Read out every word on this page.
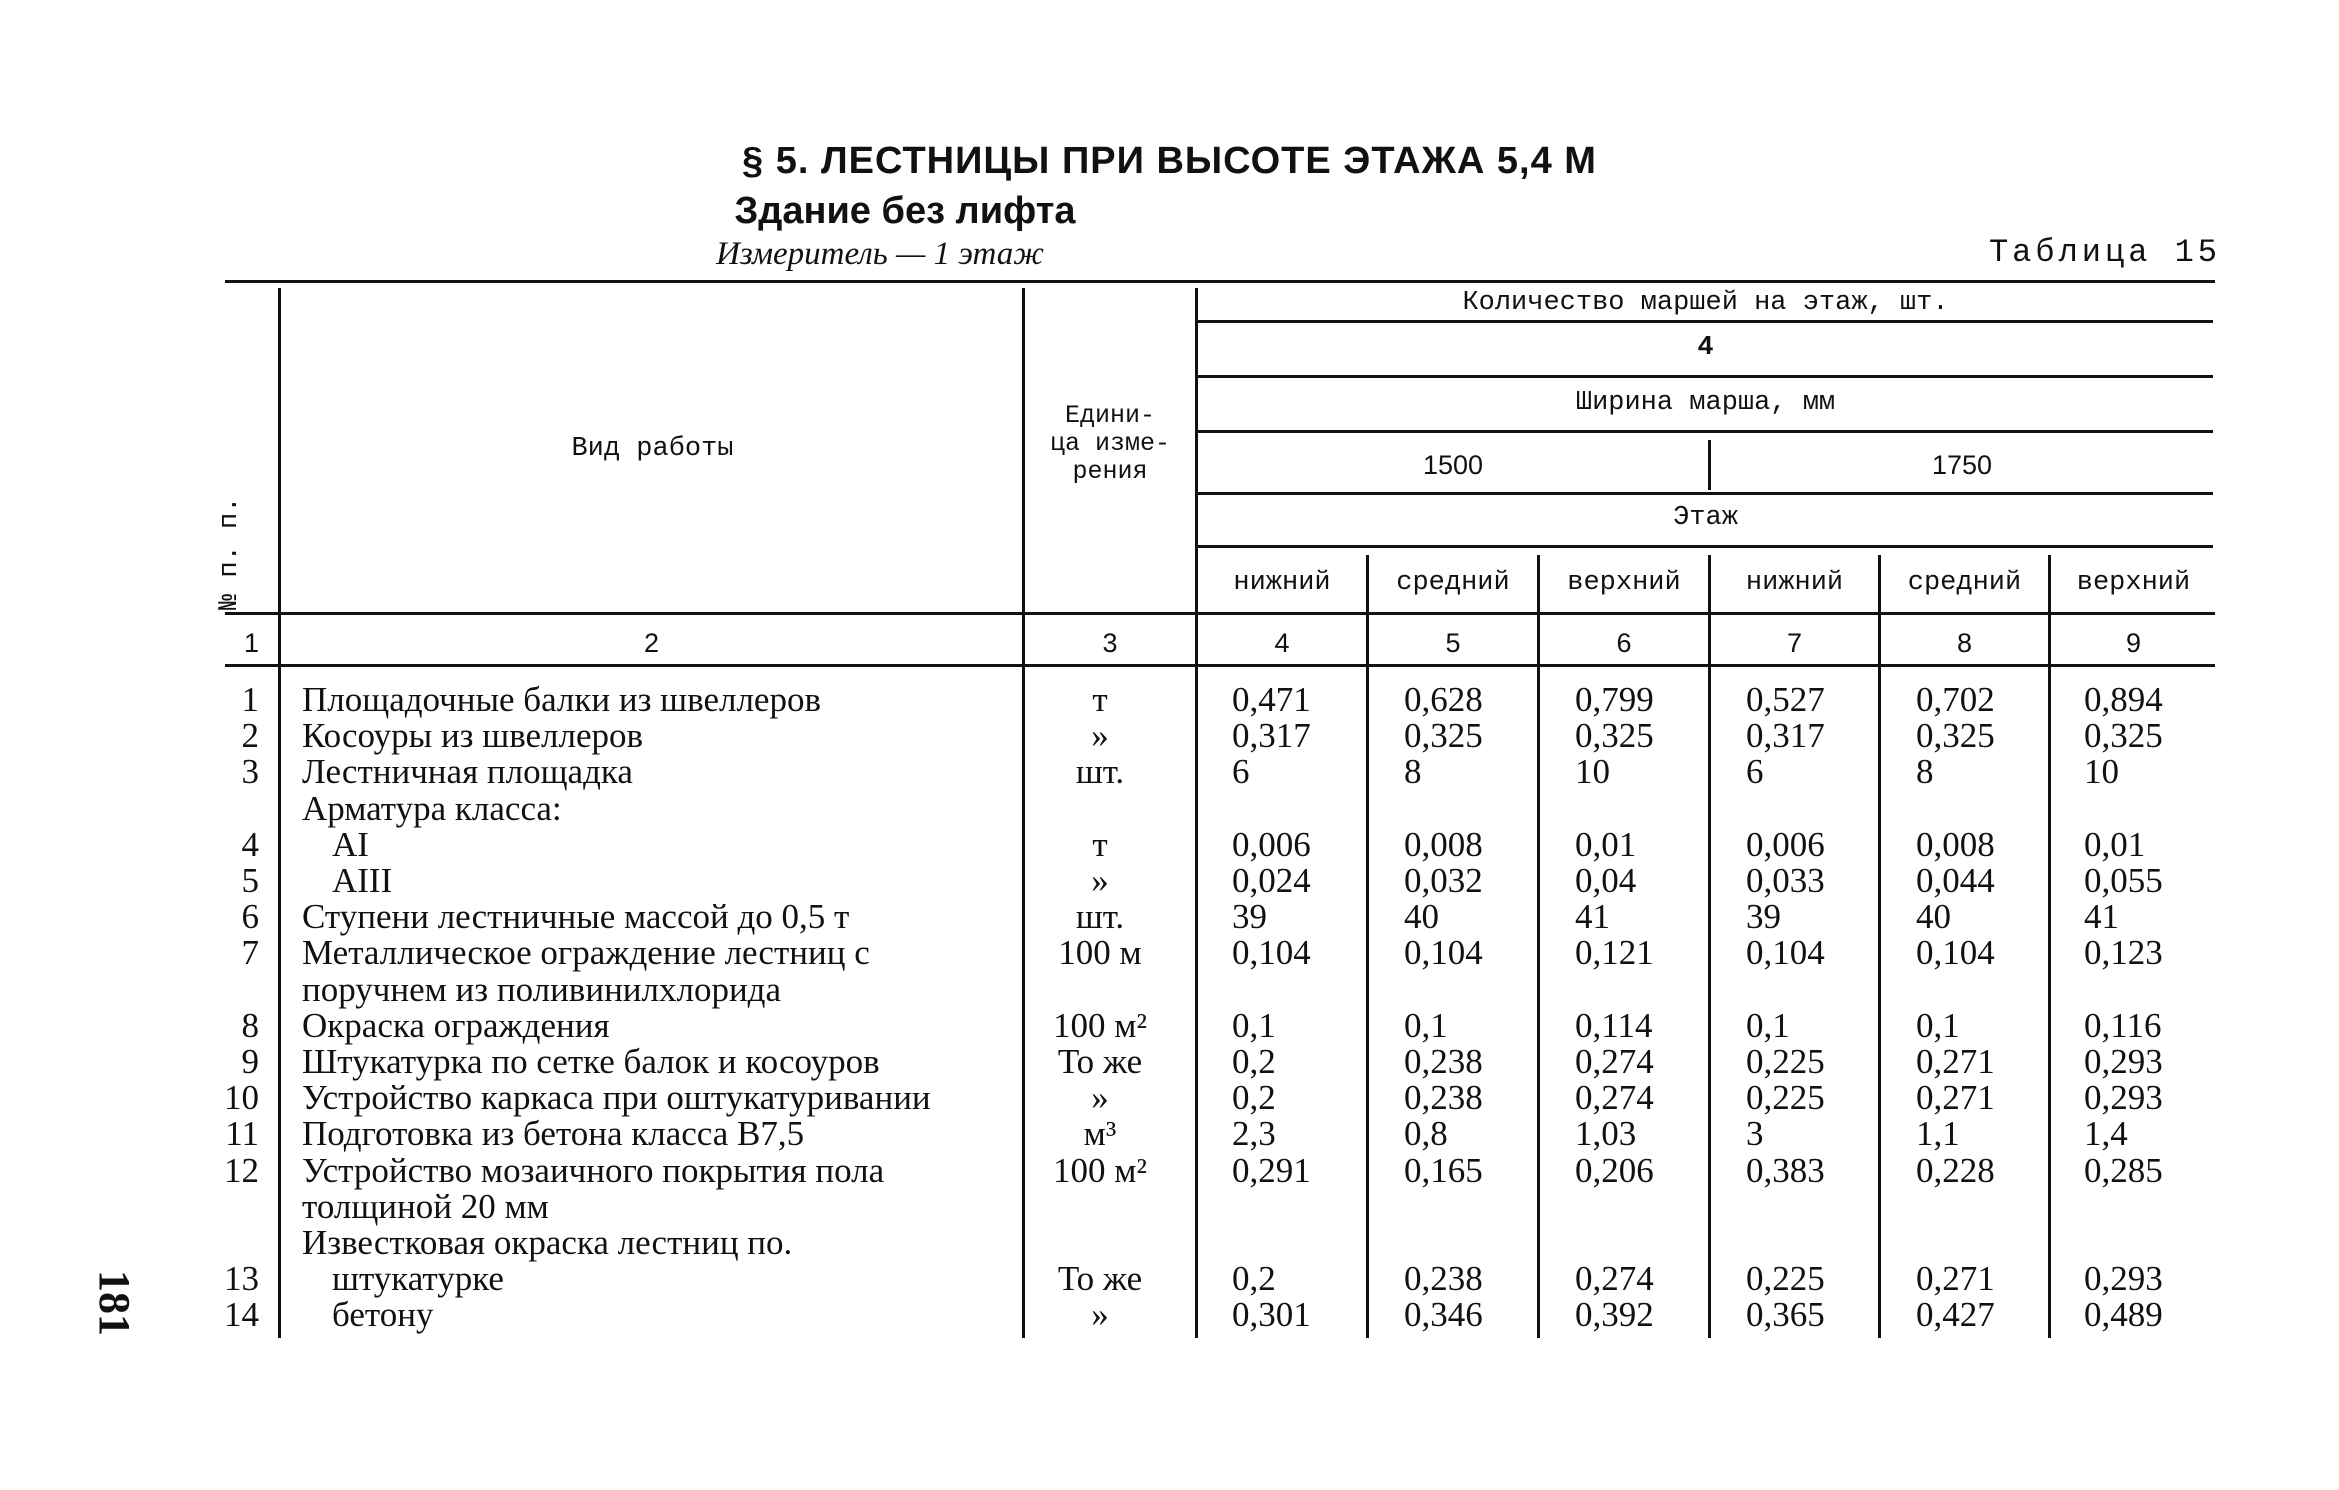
§ 5. ЛЕСТНИЦЫ ПРИ ВЫСОТЕ ЭТАЖА 5,4 М
Здание без лифта
Измеритель — 1 этаж	Таблица 15
№ п. п.
Вид работы
Едини-
ца изме-
рения
Количество маршей на этаж, шт.
4
Ширина марша, мм
1500	1750
Этаж
нижний	средний	верхний	нижний	средний	верхний
1	2	3	4	5	6	7	8	9
1 Площадочные балки из швеллеров	т	0,471	0,628	0,799	0,527	0,702	0,894
2 Косоуры из швеллеров	»	0,317	0,325	0,325	0,317	0,325	0,325
3 Лестничная площадка	шт.	6	8	10	6	8	10
Арматура класса:
4 AI	т	0,006	0,008	0,01	0,006	0,008	0,01
5 AIII	»	0,024	0,032	0,04	0,033	0,044	0,055
6 Ступени лестничные массой до 0,5 т	шт.	39	40	41	39	40	41
7 Металлическое ограждение лестниц с
поручнем из поливинилхлорида
100 м	0,104	0,104	0,121	0,104	0,104	0,123
8 Окраска ограждения	100 м²	0,1	0,1	0,114	0,1	0,1	0,116
9 Штукатурка по сетке балок и косоуров	То же	0,2	0,238	0,274	0,225	0,271	0,293
10 Устройство каркаса при оштукатуривании	»	0,2	0,238	0,274	0,225	0,271	0,293
11 Подготовка из бетона класса В7,5	м³	2,3	0,8	1,03	3	1,1	1,4
12 Устройство мозаичного покрытия пола
толщиной 20 мм
100 м²	0,291	0,165	0,206	0,383	0,228	0,285
Известковая окраска лестниц по.
13 штукатурке	То же	0,2	0,238	0,274	0,225	0,271	0,293
14 бетону	»	0,301	0,346	0,392	0,365	0,427	0,489
181
